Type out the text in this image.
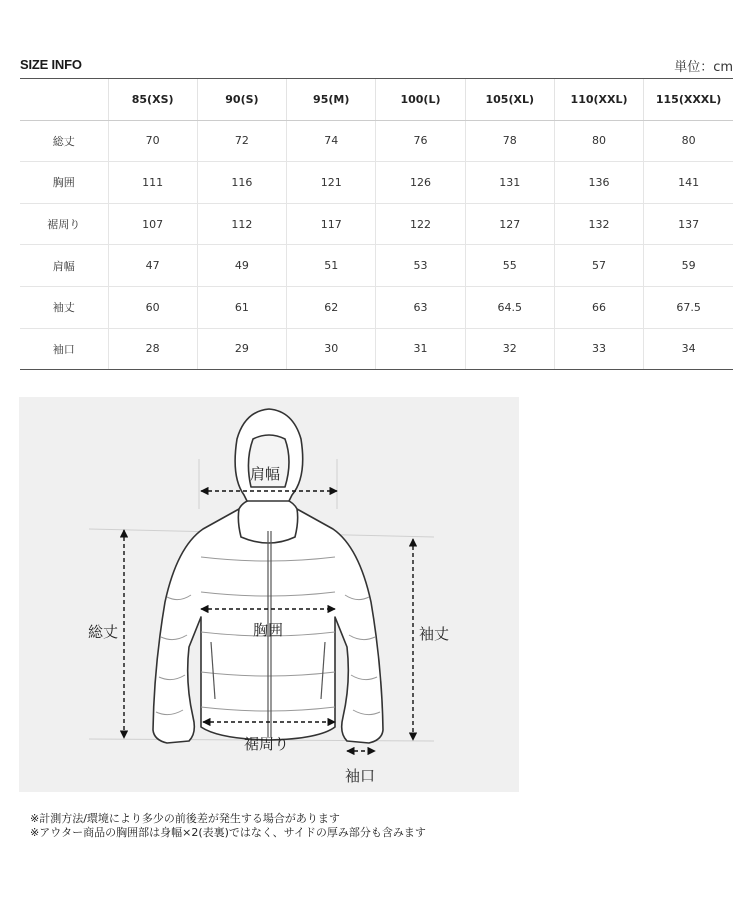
SIZE INFO	単位：cm
	85(XS)	90(S)	95(M)	100(L)	105(XL)	110(XXL)	115(XXXL)
総丈	70	72	74	76	78	80	80
胸囲	111	116	121	126	131	136	141
裾周り	107	112	117	122	127	132	137
肩幅	47	49	51	53	55	57	59
袖丈	60	61	62	63	64.5	66	67.5
袖口	28	29	30	31	32	33	34
肩幅
総丈	胸囲	袖丈
裾周り
袖口
※計測方法/環境により多少の前後差が発生する場合があります
※アウター商品の胸囲部は身幅×2(表裏)ではなく、サイドの厚み部分も含みます
